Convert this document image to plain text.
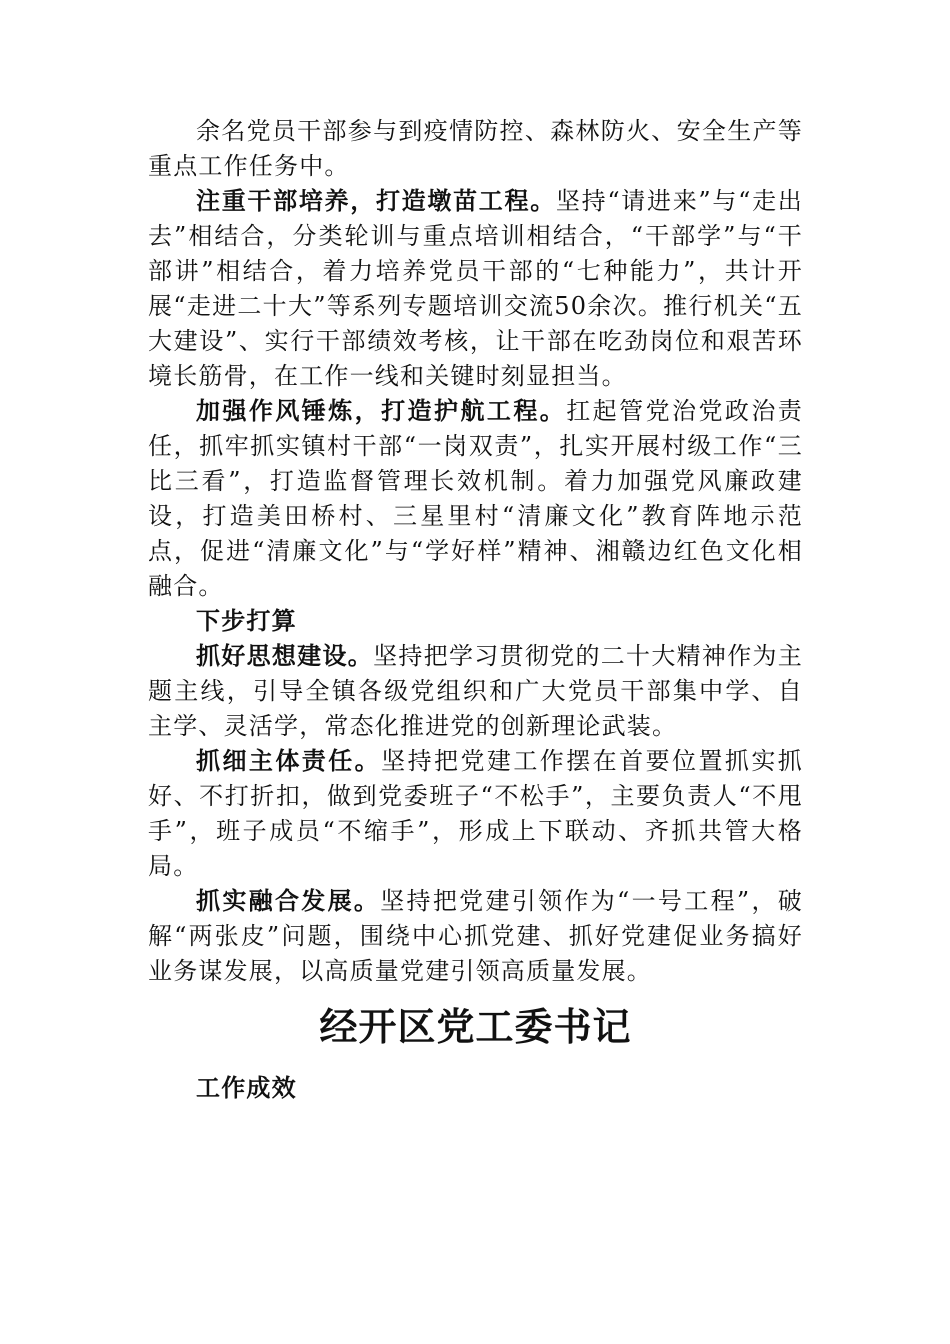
余名党员干部参与到疫情防控、森林防火、安全生产等重点工作任务中。

注重干部培养，打造墩苗工程。坚持“请进来”与“走出去”相结合，分类轮训与重点培训相结合，“干部学”与“干部讲”相结合，着力培养党员干部的“七种能力”，共计开展“走进二十大”等系列专题培训交流50余次。推行机关“五大建设”、实行干部绩效考核，让干部在吃劲岗位和艰苦环境长筋骨，在工作一线和关键时刻显担当。

加强作风锤炼，打造护航工程。扛起管党治党政治责任，抓牢抓实镇村干部“一岗双责”，扎实开展村级工作“三比三看”，打造监督管理长效机制。着力加强党风廉政建设，打造美田桥村、三星里村“清廉文化”教育阵地示范点，促进“清廉文化”与“学好样”精神、湘赣边红色文化相融合。

下步打算

抓好思想建设。坚持把学习贯彻党的二十大精神作为主题主线，引导全镇各级党组织和广大党员干部集中学、自主学、灵活学，常态化推进党的创新理论武装。

抓细主体责任。坚持把党建工作摆在首要位置抓实抓好、不打折扣，做到党委班子“不松手”，主要负责人“不甩手”，班子成员“不缩手”，形成上下联动、齐抓共管大格局。

抓实融合发展。坚持把党建引领作为“一号工程”，破解“两张皮”问题，围绕中心抓党建、抓好党建促业务搞好业务谋发展，以高质量党建引领高质量发展。

经开区党工委书记

工作成效
